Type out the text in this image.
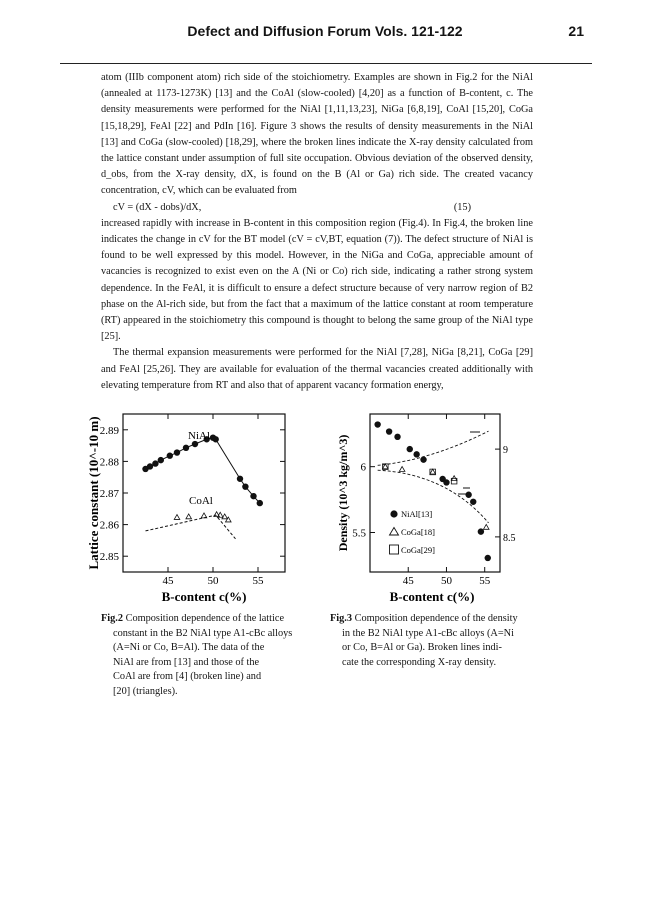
Defect and Diffusion Forum Vols. 121-122	21

atom (IIIb component atom) rich side of the stoichiometry. Examples are shown in Fig.2 for the NiAl (annealed at 1173-1273K) [13] and the CoAl (slow-cooled) [4,20] as a function of B-content, c. The density measurements were performed for the NiAl [1,11,13,23], NiGa [6,8,19], CoAl [15,20], CoGa [15,18,29], FeAl [22] and PdIn [16]. Figure 3 shows the results of density measurements in the NiAl [13] and CoGa (slow-cooled) [18,29], where the broken lines indicate the X-ray density calculated from the lattice constant under assumption of full site occupation. Obvious deviation of the observed density, d_obs, from the X-ray density, dX, is found on the B (Al or Ga) rich side. The created vacancy concentration, cV, which can be evaluated from

cV = (dX - dobs)/dX,	(15)

increased rapidly with increase in B-content in this composition region (Fig.4). In Fig.4, the broken line indicates the change in cV for the BT model (cV = cV,BT, equation (7)). The defect structure of NiAl is found to be well expressed by this model. However, in the NiGa and CoGa, appreciable amount of vacancies is recognized to exist even on the A (Ni or Co) rich side, indicating a rather strong system dependence. In the FeAl, it is difficult to ensure a defect structure because of very narrow region of B2 phase on the Al-rich side, but from the fact that a maximum of the lattice constant at room temperature (RT) appeared in the stoichiometry this compound is thought to belong the same group of the NiAl type [25].

The thermal expansion measurements were performed for the NiAl [7,28], NiGa [8,21], CoGa [29] and FeAl [25,26]. They are available for evaluation of the thermal vacancies created additionally with elevating temperature from RT and also that of apparent vacancy formation energy,

2.85
2.86
2.87
2.88
2.89
45	50	55
NiAl
CoAl
Lattice constant (10^-10 m)
B-content c(%)
5.5
6
8.5
9
45 50 55
NiAl[13]
CoGa[18]
CoGa[29]
Density (10^3 kg/m^3)
B-content c(%)
Fig.2 Composition dependence of the lattice
constant in the B2 NiAl type A1-cBc alloys
(A=Ni or Co, B=Al). The data of the
NiAl are from [13] and those of the
CoAl are from [4] (broken line) and
[20] (triangles).
Fig.3 Composition dependence of the density
in the B2 NiAl type A1-cBc alloys (A=Ni
or Co, B=Al or Ga). Broken lines indi-
cate the corresponding X-ray density.
